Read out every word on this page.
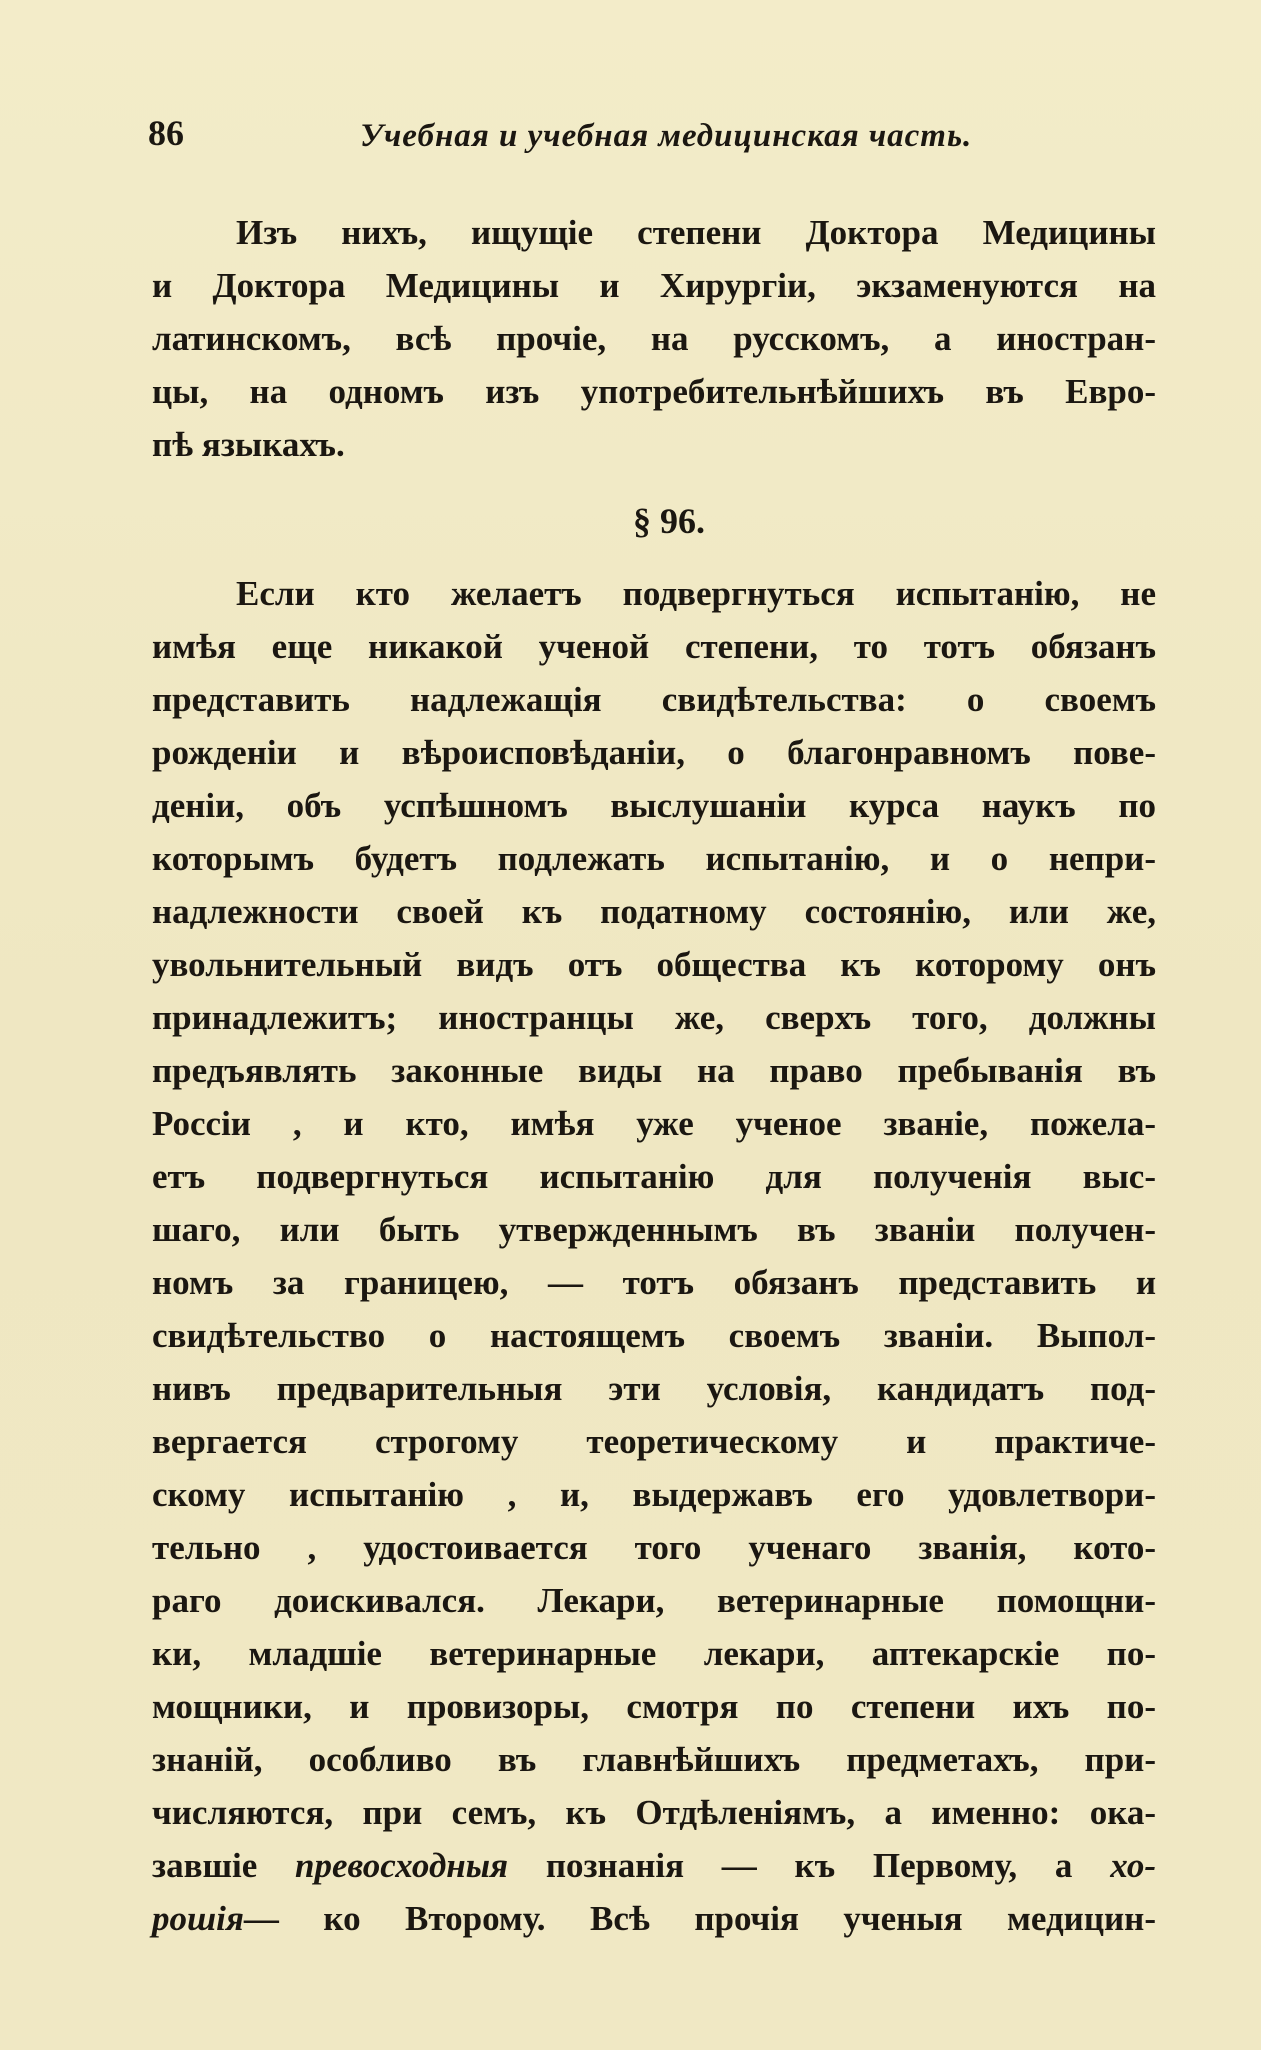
86	Учебная и учебная медицинская часть.
Изъ нихъ, ищущіе степени Доктора Медицины
и Доктора Медицины и Хирургіи, экзаменуются на
латинскомъ, всѣ прочіе, на русскомъ, а иностран-
цы, на одномъ изъ употребительнѣйшихъ въ Евро-
пѣ языкахъ.
§ 96.
Если кто желаетъ подвергнуться испытанію, не
имѣя еще никакой ученой степени, то тотъ обязанъ
представить надлежащія свидѣтельства: о своемъ
рожденіи и вѣроисповѣданіи, о благонравномъ пове-
деніи, объ успѣшномъ выслушаніи курса наукъ по
которымъ будетъ подлежать испытанію, и о непри-
надлежности своей къ податному состоянію, или же,
увольнительный видъ отъ общества къ которому онъ
принадлежитъ; иностранцы же, сверхъ того, должны
предъявлять законные виды на право пребыванія въ
Россіи , и кто, имѣя уже ученое званіе, пожела-
етъ подвергнуться испытанію для полученія выс-
шаго, или быть утвержденнымъ въ званіи получен-
номъ за границею, — тотъ обязанъ представить и
свидѣтельство о настоящемъ своемъ званіи. Выпол-
нивъ предварительныя эти условія, кандидатъ под-
вергается строгому теоретическому и практиче-
скому испытанію , и, выдержавъ его удовлетвори-
тельно , удостоивается того ученаго званія, кото-
раго доискивался. Лекари, ветеринарные помощни-
ки, младшіе ветеринарные лекари, аптекарскіе по-
мощники, и провизоры, смотря по степени ихъ по-
знаній, особливо въ главнѣйшихъ предметахъ, при-
числяются, при семъ, къ Отдѣленіямъ, а именно: ока-
завшіе превосходныя познанія — къ Первому, а хо-
рошія— ко Второму. Всѣ прочія ученыя медицин-
